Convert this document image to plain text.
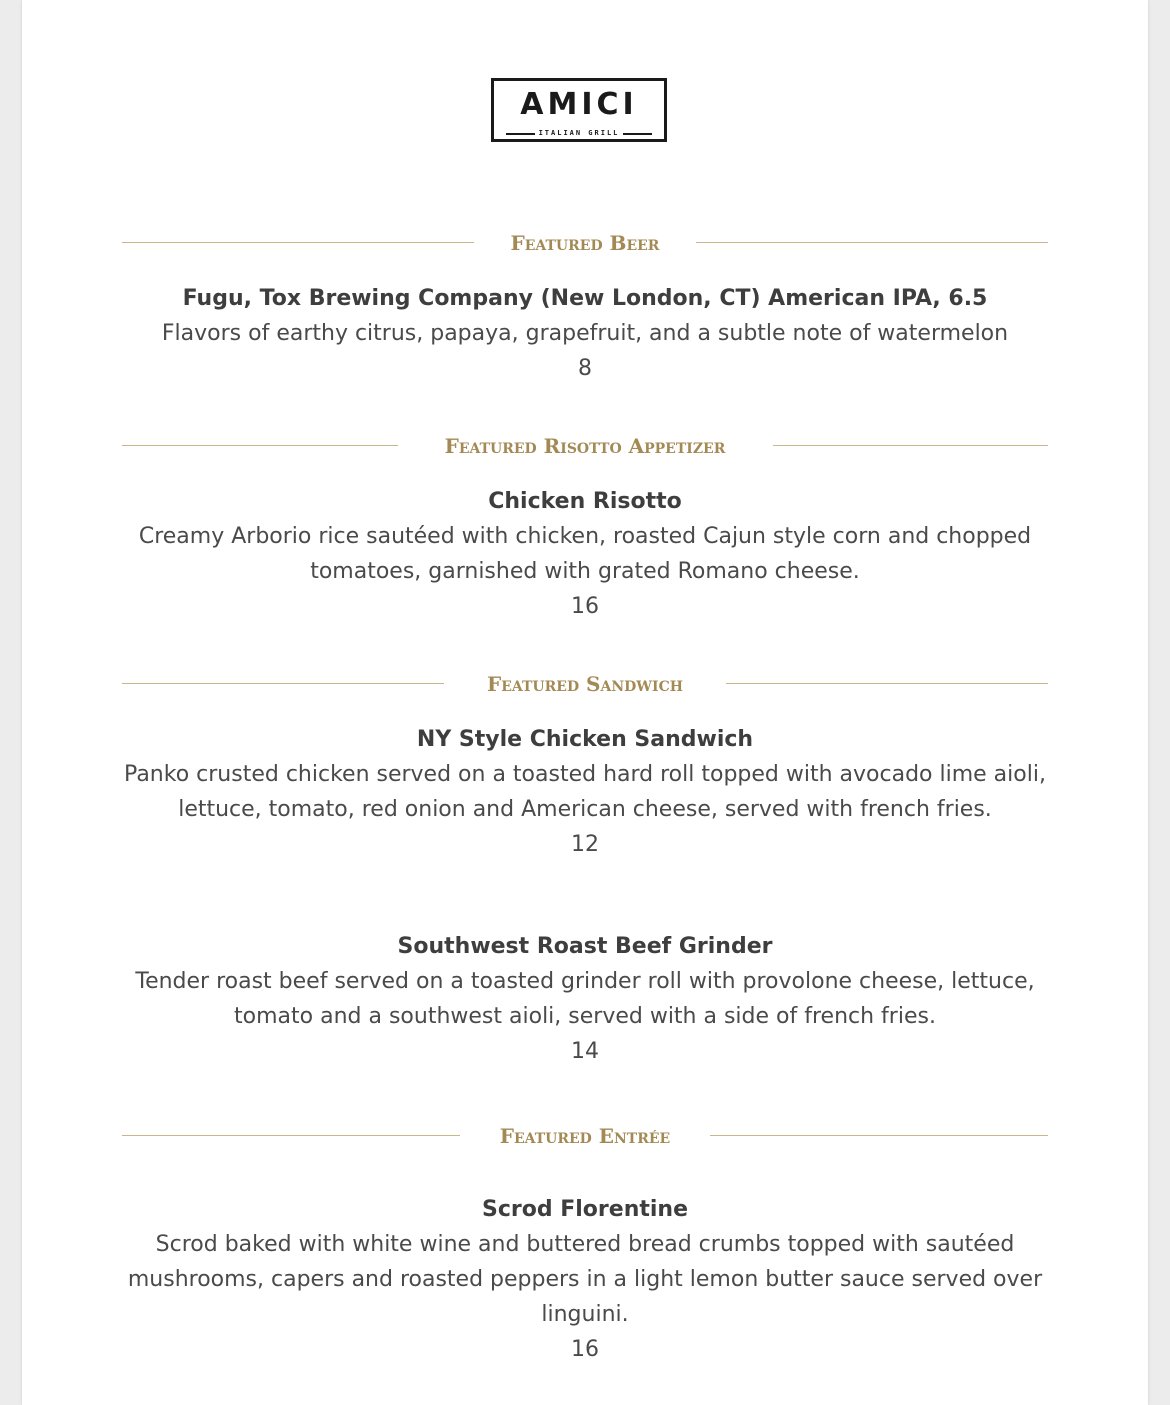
AMICI
ITALIAN GRILL
Featured Beer
Fugu, Tox Brewing Company (New London, CT) American IPA, 6.5
Flavors of earthy citrus, papaya, grapefruit, and a subtle note of watermelon
8
Featured Risotto Appetizer
Chicken Risotto
Creamy Arborio rice sautéed with chicken, roasted Cajun style corn and chopped tomatoes, garnished with grated Romano cheese.
16
Featured Sandwich
NY Style Chicken Sandwich
Panko crusted chicken served on a toasted hard roll topped with avocado lime aioli, lettuce, tomato, red onion and American cheese, served with french fries.
12
Southwest Roast Beef Grinder
Tender roast beef served on a toasted grinder roll with provolone cheese, lettuce, tomato and a southwest aioli, served with a side of french fries.
14
Featured Entrée
Scrod Florentine
Scrod baked with white wine and buttered bread crumbs topped with sautéed mushrooms, capers and roasted peppers in a light lemon butter sauce served over linguini.
16
